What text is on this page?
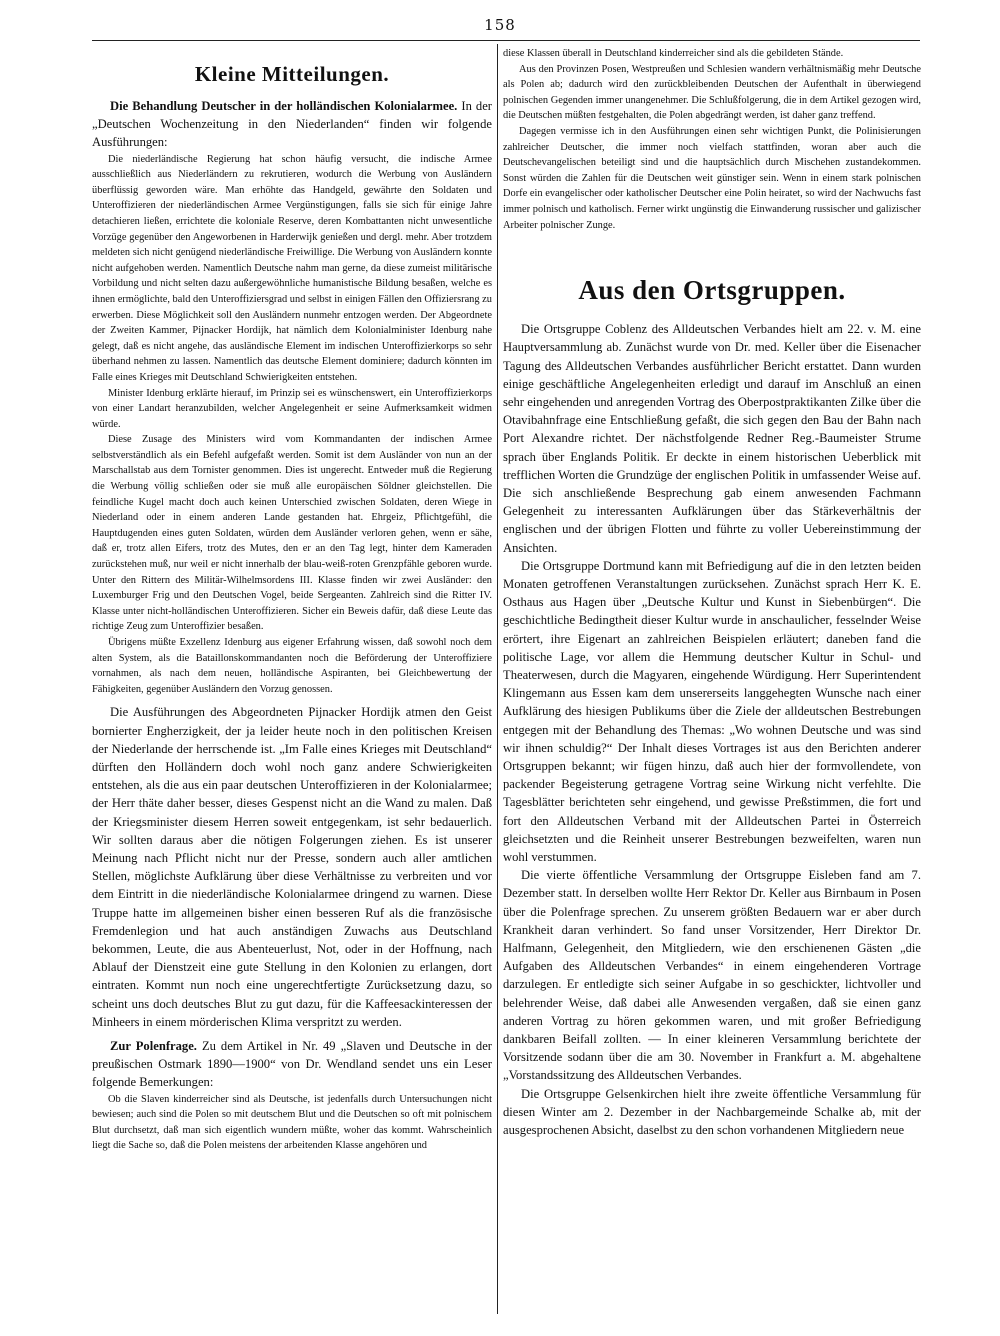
158
Kleine Mitteilungen.

Die Behandlung Deutscher in der holländischen Kolonialarmee. In der „Deutschen Wochenzeitung in den Niederlanden“ finden wir folgende Ausführungen:

Die niederländische Regierung hat schon häufig versucht, die indische Armee ausschließlich aus Niederländern zu rekrutieren, wodurch die Werbung von Ausländern überflüssig geworden wäre. Man erhöhte das Handgeld, gewährte den Soldaten und Unteroffizieren der niederländischen Armee Vergünstigungen, falls sie sich für einige Jahre detachieren ließen, errichtete die koloniale Reserve, deren Kombattanten nicht unwesentliche Vorzüge gegenüber den Angeworbenen in Harderwijk genießen und dergl. mehr. Aber trotzdem meldeten sich nicht genügend niederländische Freiwillige. Die Werbung von Ausländern konnte nicht aufgehoben werden. Namentlich Deutsche nahm man gerne, da diese zumeist militärische Vorbildung und nicht selten dazu außergewöhnliche humanistische Bildung besaßen, welche es ihnen ermöglichte, bald den Unteroffiziersgrad und selbst in einigen Fällen den Offiziersrang zu erwerben. Diese Möglichkeit soll den Ausländern nunmehr entzogen werden. Der Abgeordnete der Zweiten Kammer, Pijnacker Hordijk, hat nämlich dem Kolonialminister Idenburg nahe gelegt, daß es nicht angehe, das ausländische Element im indischen Unteroffizierkorps so sehr überhand nehmen zu lassen. Namentlich das deutsche Element dominiere; dadurch könnten im Falle eines Krieges mit Deutschland Schwierigkeiten entstehen.

Minister Idenburg erklärte hierauf, im Prinzip sei es wünschenswert, ein Unteroffizierkorps von einer Landart heranzubilden, welcher Angelegenheit er seine Aufmerksamkeit widmen würde.

Diese Zusage des Ministers wird vom Kommandanten der indischen Armee selbstverständlich als ein Befehl aufgefaßt werden. Somit ist dem Ausländer von nun an der Marschallstab aus dem Tornister genommen. Dies ist ungerecht. Entweder muß die Regierung die Werbung völlig schließen oder sie muß alle europäischen Söldner gleichstellen. Die feindliche Kugel macht doch auch keinen Unterschied zwischen Soldaten, deren Wiege in Niederland oder in einem anderen Lande gestanden hat. Ehrgeiz, Pflichtgefühl, die Hauptdugenden eines guten Soldaten, würden dem Ausländer verloren gehen, wenn er sähe, daß er, trotz allen Eifers, trotz des Mutes, den er an den Tag legt, hinter dem Kameraden zurückstehen muß, nur weil er nicht innerhalb der blau-weiß-roten Grenzpfähle geboren wurde. Unter den Rittern des Militär-Wilhelmsordens III. Klasse finden wir zwei Ausländer: den Luxemburger Frig und den Deutschen Vogel, beide Sergeanten. Zahlreich sind die Ritter IV. Klasse unter nicht-holländischen Unteroffizieren. Sicher ein Beweis dafür, daß diese Leute das richtige Zeug zum Unteroffizier besaßen.

Übrigens müßte Exzellenz Idenburg aus eigener Erfahrung wissen, daß sowohl noch dem alten System, als die Bataillonskommandanten noch die Beförderung der Unteroffiziere vornahmen, als nach dem neuen, holländische Aspiranten, bei Gleichbewertung der Fähigkeiten, gegenüber Ausländern den Vorzug genossen.

Die Ausführungen des Abgeordneten Pijnacker Hordijk atmen den Geist bornierter Engherzigkeit, der ja leider heute noch in den politischen Kreisen der Niederlande der herrschende ist. „Im Falle eines Krieges mit Deutschland“ dürften den Holländern doch wohl noch ganz andere Schwierigkeiten entstehen, als die aus ein paar deutschen Unteroffizieren in der Kolonialarmee; der Herr thäte daher besser, dieses Gespenst nicht an die Wand zu malen. Daß der Kriegsminister diesem Herren soweit entgegenkam, ist sehr bedauerlich. Wir sollten daraus aber die nötigen Folgerungen ziehen. Es ist unserer Meinung nach Pflicht nicht nur der Presse, sondern auch aller amtlichen Stellen, möglichste Aufklärung über diese Verhältnisse zu verbreiten und vor dem Eintritt in die niederländische Kolonialarmee dringend zu warnen. Diese Truppe hatte im allgemeinen bisher einen besseren Ruf als die französische Fremdenlegion und hat auch anständigen Zuwachs aus Deutschland bekommen, Leute, die aus Abenteuerlust, Not, oder in der Hoffnung, nach Ablauf der Dienstzeit eine gute Stellung in den Kolonien zu erlangen, dort eintraten. Kommt nun noch eine ungerechtfertigte Zurücksetzung dazu, so scheint uns doch deutsches Blut zu gut dazu, für die Kaffeesackinteressen der Minheers in einem mörderischen Klima verspritzt zu werden.

Zur Polenfrage. Zu dem Artikel in Nr. 49 „Slaven und Deutsche in der preußischen Ostmark 1890—1900“ von Dr. Wendland sendet uns ein Leser folgende Bemerkungen:

Ob die Slaven kinderreicher sind als Deutsche, ist jedenfalls durch Untersuchungen nicht bewiesen; auch sind die Polen so mit deutschem Blut und die Deutschen so oft mit polnischem Blut durchsetzt, daß man sich eigentlich wundern müßte, woher das kommt. Wahrscheinlich liegt die Sache so, daß die Polen meistens der arbeitenden Klasse angehören und

diese Klassen überall in Deutschland kinderreicher sind als die gebildeten Stände.

Aus den Provinzen Posen, Westpreußen und Schlesien wandern verhältnismäßig mehr Deutsche als Polen ab; dadurch wird den zurückbleibenden Deutschen der Aufenthalt in überwiegend polnischen Gegenden immer unangenehmer. Die Schlußfolgerung, die in dem Artikel gezogen wird, die Deutschen müßten festgehalten, die Polen abgedrängt werden, ist daher ganz treffend.

Dagegen vermisse ich in den Ausführungen einen sehr wichtigen Punkt, die Polinisierungen zahlreicher Deutscher, die immer noch vielfach stattfinden, woran aber auch die Deutschevangelischen beteiligt sind und die hauptsächlich durch Mischehen zustandekommen. Sonst würden die Zahlen für die Deutschen weit günstiger sein. Wenn in einem stark polnischen Dorfe ein evangelischer oder katholischer Deutscher eine Polin heiratet, so wird der Nachwuchs fast immer polnisch und katholisch. Ferner wirkt ungünstig die Einwanderung russischer und galizischer Arbeiter polnischer Zunge.

Aus den Ortsgruppen.

Die Ortsgruppe Coblenz des Alldeutschen Verbandes hielt am 22. v. M. eine Hauptversammlung ab. Zunächst wurde von Dr. med. Keller über die Eisenacher Tagung des Alldeutschen Verbandes ausführlicher Bericht erstattet. Dann wurden einige geschäftliche Angelegenheiten erledigt und darauf im Anschluß an einen sehr eingehenden und anregenden Vortrag des Oberpostpraktikanten Zilke über die Otavibahnfrage eine Entschließung gefaßt, die sich gegen den Bau der Bahn nach Port Alexandre richtet. Der nächstfolgende Redner Reg.-Baumeister Strume sprach über Englands Politik. Er deckte in einem historischen Ueberblick mit trefflichen Worten die Grundzüge der englischen Politik in umfassender Weise auf. Die sich anschließende Besprechung gab einem anwesenden Fachmann Gelegenheit zu interessanten Aufklärungen über das Stärkeverhältnis der englischen und der übrigen Flotten und führte zu voller Uebereinstimmung der Ansichten.

Die Ortsgruppe Dortmund kann mit Befriedigung auf die in den letzten beiden Monaten getroffenen Veranstaltungen zurücksehen. Zunächst sprach Herr K. E. Osthaus aus Hagen über „Deutsche Kultur und Kunst in Siebenbürgen“. Die geschichtliche Bedingtheit dieser Kultur wurde in anschaulicher, fesselnder Weise erörtert, ihre Eigenart an zahlreichen Beispielen erläutert; daneben fand die politische Lage, vor allem die Hemmung deutscher Kultur in Schul- und Theaterwesen, durch die Magyaren, eingehende Würdigung. Herr Superintendent Klingemann aus Essen kam dem unsererseits langgehegten Wunsche nach einer Aufklärung des hiesigen Publikums über die Ziele der alldeutschen Bestrebungen entgegen mit der Behandlung des Themas: „Wo wohnen Deutsche und was sind wir ihnen schuldig?“ Der Inhalt dieses Vortrages ist aus den Berichten anderer Ortsgruppen bekannt; wir fügen hinzu, daß auch hier der formvollendete, von packender Begeisterung getragene Vortrag seine Wirkung nicht verfehlte. Die Tagesblätter berichteten sehr eingehend, und gewisse Preßstimmen, die fort und fort den Alldeutschen Verband mit der Alldeutschen Partei in Österreich gleichsetzten und die Reinheit unserer Bestrebungen bezweifelten, waren nun wohl verstummen.

Die vierte öffentliche Versammlung der Ortsgruppe Eisleben fand am 7. Dezember statt. In derselben wollte Herr Rektor Dr. Keller aus Birnbaum in Posen über die Polenfrage sprechen. Zu unserem größten Bedauern war er aber durch Krankheit daran verhindert. So fand unser Vorsitzender, Herr Direktor Dr. Halfmann, Gelegenheit, den Mitgliedern, wie den erschienenen Gästen „die Aufgaben des Alldeutschen Verbandes“ in einem eingehenderen Vortrage darzulegen. Er entledigte sich seiner Aufgabe in so geschickter, lichtvoller und belehrender Weise, daß dabei alle Anwesenden vergaßen, daß sie einen ganz anderen Vortrag zu hören gekommen waren, und mit großer Befriedigung dankbaren Beifall zollten. — In einer kleineren Versammlung berichtete der Vorsitzende sodann über die am 30. November in Frankfurt a. M. abgehaltene „Vorstandssitzung des Alldeutschen Verbandes.

Die Ortsgruppe Gelsenkirchen hielt ihre zweite öffentliche Versammlung für diesen Winter am 2. Dezember in der Nachbargemeinde Schalke ab, mit der ausgesprochenen Absicht, daselbst zu den schon vorhandenen Mitgliedern neue
